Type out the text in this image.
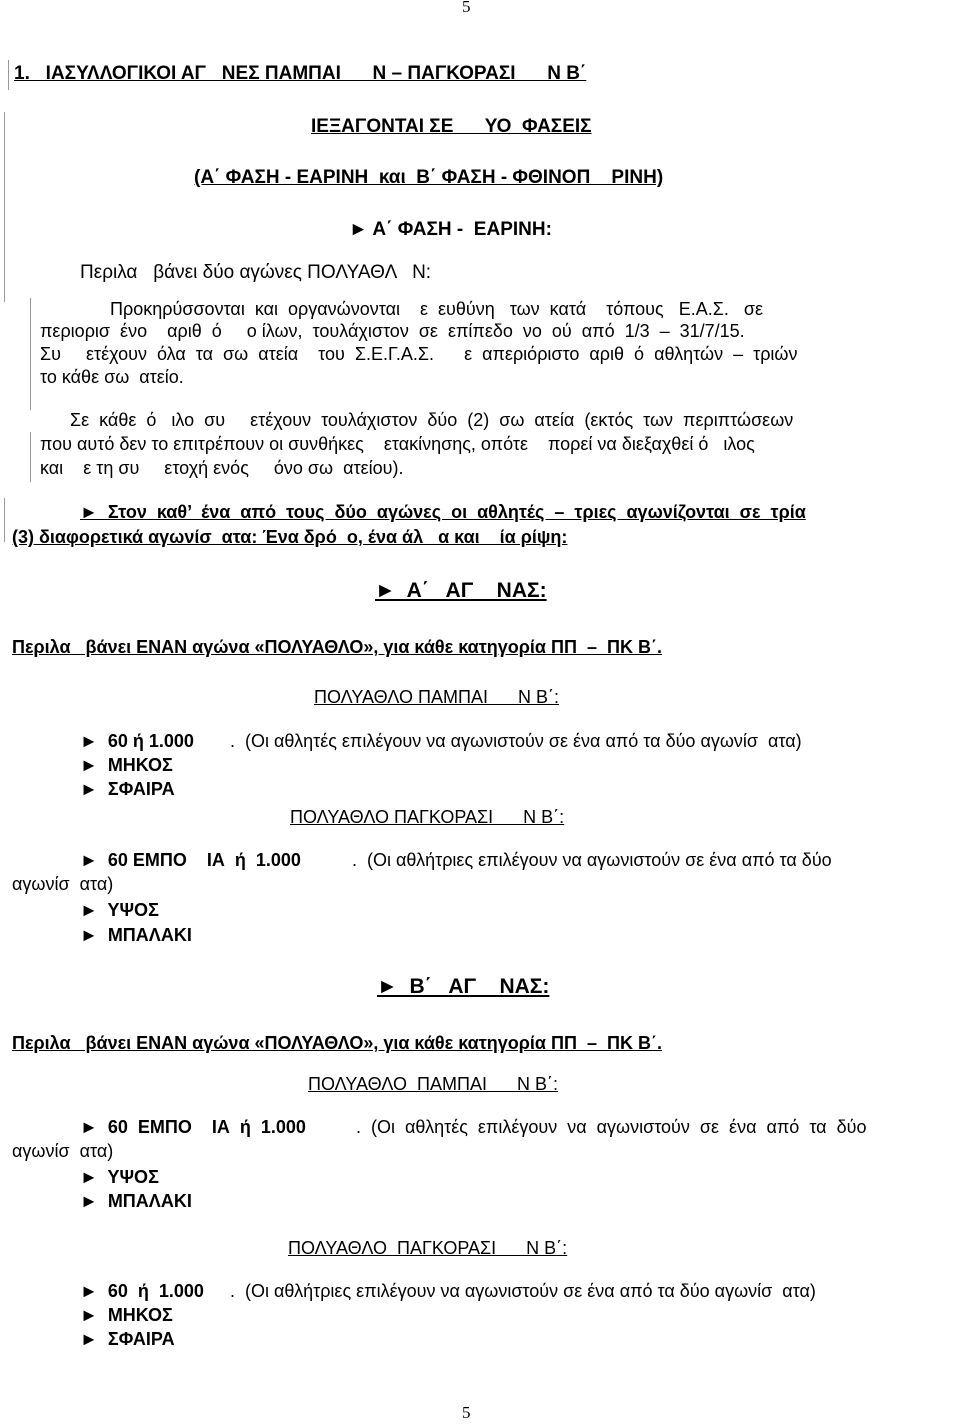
5
5
1.   ΙΑΣΥΛΛΟΓΙΚΟΙ ΑΓ   ΝΕΣ ΠΑΜΠΑΙ      Ν – ΠΑΓΚΟΡΑΣΙ      Ν Β΄
ΙΕΞΑΓΟΝΤΑΙ ΣΕ      ΥΟ  ΦΑΣΕΙΣ
(Α΄ ΦΑΣΗ - ΕΑΡΙΝΗ  και  Β΄ ΦΑΣΗ - ΦΘΙΝΟΠ    ΡΙΝΗ)
► Α΄ ΦΑΣΗ -  ΕΑΡΙΝΗ:
Περιλα   βάνει δύο αγώνες ΠΟΛΥΑΘΛ   Ν:
Προκηρύσσονται  και  οργανώνονται    ε  ευθύνη   των  κατά    τόπους   Ε.Α.Σ.   σε
περιορισ  ένο    αριθ  ό     ο ίλων,  τουλάχιστον  σε  επίπεδο  νο  ού  από  1/3  –  31/7/15.
Συ     ετέχουν  όλα  τα  σω  ατεία    του  Σ.Ε.Γ.Α.Σ.      ε  απεριόριστο  αριθ  ό  αθλητών  –  τριών
το κάθε σω  ατείο.
Σε  κάθε  ό   ιλο  συ     ετέχουν  τουλάχιστον  δύο  (2)  σω  ατεία  (εκτός  των  περιπτώσεων
που αυτό δεν το επιτρέπουν οι συνθήκες    ετακίνησης, οπότε    πορεί να διεξαχθεί ό   ιλος
και    ε τη συ     ετοχή ενός     όνο σω  ατείου).
►  Στον  καθ’  ένα  από  τους  δύο  αγώνες  οι  αθλητές  –  τριες  αγωνίζονται  σε  τρία
(3) διαφορετικά αγωνίσ  ατα: Ένα δρό  ο, ένα άλ   α και    ία ρίψη:
►  Α΄   ΑΓ    ΝΑΣ:
Περιλα   βάνει ΕΝΑΝ αγώνα «ΠΟΛΥΑΘΛΟ», για κάθε κατηγορία ΠΠ  –  ΠΚ Β΄.
ΠΟΛΥΑΘΛΟ ΠΑΜΠΑΙ      Ν Β΄:
►  60 ή 1.000 .  (Οι αθλητές επιλέγουν να αγωνιστούν σε ένα από τα δύο αγωνίσ  ατα)
►  ΜΗΚΟΣ
►  ΣΦΑΙΡΑ
ΠΟΛΥΑΘΛΟ ΠΑΓΚΟΡΑΣΙ      Ν Β΄:
►  60 ΕΜΠΟ    ΙΑ  ή  1.000	.  (Οι αθλήτριες επιλέγουν να αγωνιστούν σε ένα από τα δύο
αγωνίσ  ατα)
►  ΥΨΟΣ
►  ΜΠΑΛΑΚΙ
►  Β΄   ΑΓ    ΝΑΣ:
Περιλα   βάνει ΕΝΑΝ αγώνα «ΠΟΛΥΑΘΛΟ», για κάθε κατηγορία ΠΠ  –  ΠΚ Β΄.
ΠΟΛΥΑΘΛΟ  ΠΑΜΠΑΙ      Ν Β΄:
►  60  ΕΜΠΟ    ΙΑ  ή  1.000	.  (Οι  αθλητές  επιλέγουν  να  αγωνιστούν  σε  ένα  από  τα  δύο
αγωνίσ  ατα)
►  ΥΨΟΣ
►  ΜΠΑΛΑΚΙ
ΠΟΛΥΑΘΛΟ  ΠΑΓΚΟΡΑΣΙ      Ν Β΄:
►  60  ή  1.000 .  (Οι αθλήτριες επιλέγουν να αγωνιστούν σε ένα από τα δύο αγωνίσ  ατα)
►  ΜΗΚΟΣ
►  ΣΦΑΙΡΑ
